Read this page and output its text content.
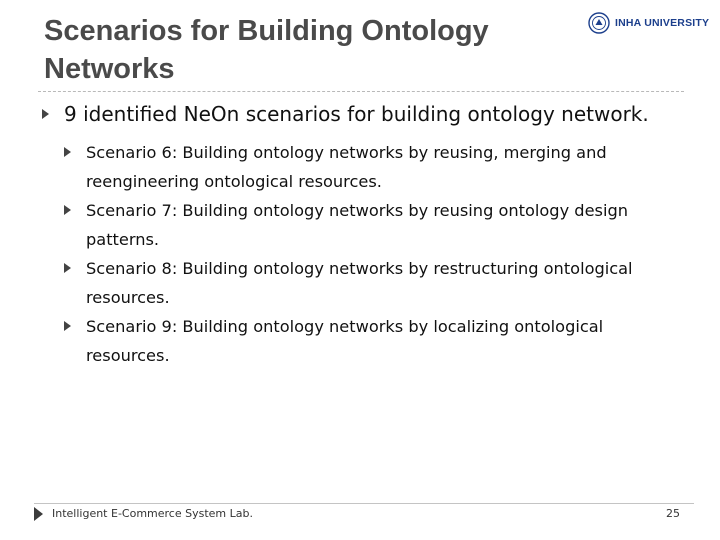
Scenarios for Building Ontology Networks
INHA UNIVERSITY
9 identified NeOn scenarios for building ontology network.
Scenario 6: Building ontology networks by reusing, merging and reengineering ontological resources.
Scenario 7: Building ontology networks by reusing ontology design patterns.
Scenario 8: Building ontology networks by restructuring ontological resources.
Scenario 9: Building ontology networks by localizing ontological resources.
Intelligent E-Commerce System Lab.	25
